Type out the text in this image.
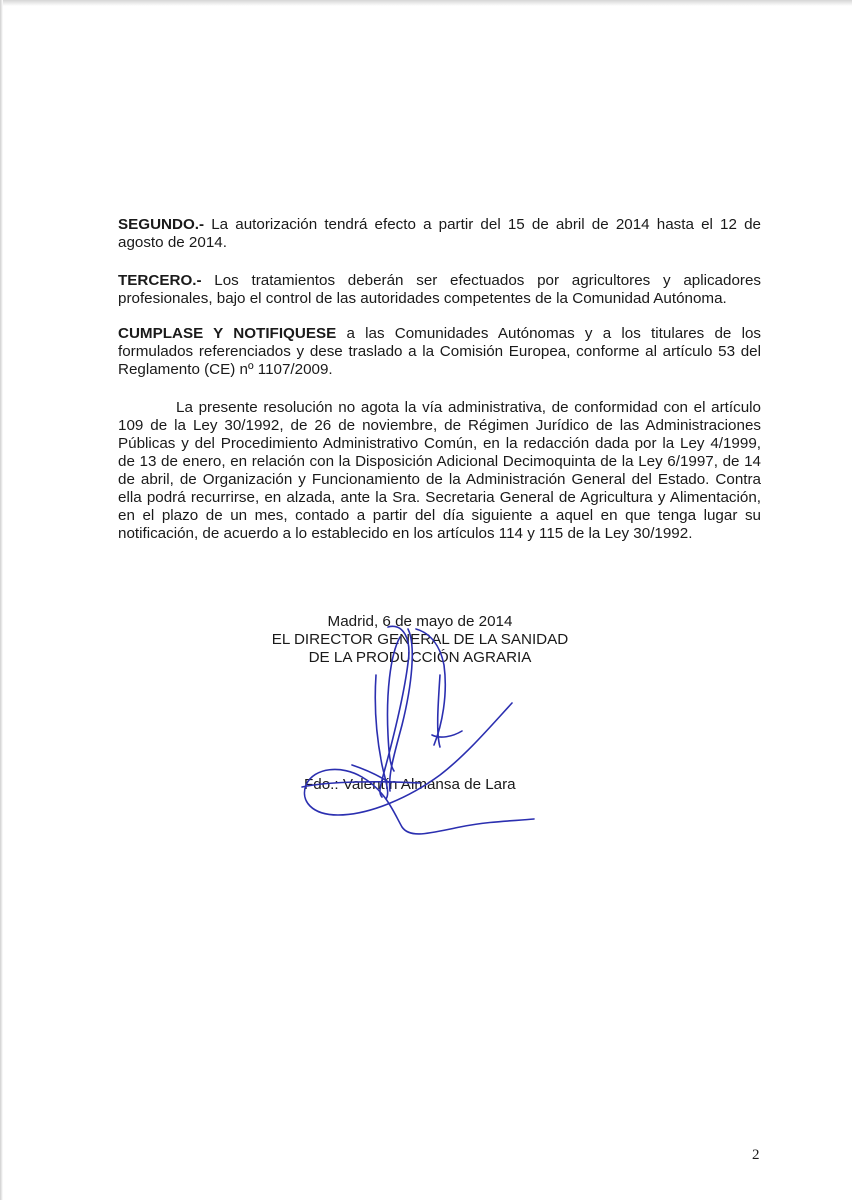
SEGUNDO.- La autorización tendrá efecto a partir del 15 de abril de 2014 hasta el 12 de agosto de 2014.

TERCERO.- Los tratamientos deberán ser efectuados por agricultores y aplicadores profesionales, bajo el control de las autoridades competentes de la Comunidad Autónoma.

CUMPLASE Y NOTIFIQUESE a las Comunidades Autónomas y a los titulares de los formulados referenciados y dese traslado a la Comisión Europea, conforme al artículo 53 del Reglamento (CE) nº 1107/2009.

La presente resolución no agota la vía administrativa, de conformidad con el artículo 109 de la Ley 30/1992, de 26 de noviembre, de Régimen Jurídico de las Administraciones Públicas y del Procedimiento Administrativo Común, en la redacción dada por la Ley 4/1999, de 13 de enero, en relación con la Disposición Adicional Decimoquinta de la Ley 6/1997, de 14 de abril, de Organización y Funcionamiento de la Administración General del Estado. Contra ella podrá recurrirse, en alzada, ante la Sra. Secretaria General de Agricultura y Alimentación, en el plazo de un mes, contado a partir del día siguiente a aquel en que tenga lugar su notificación, de acuerdo a lo establecido en los artículos 114 y 115 de la Ley 30/1992.

Madrid, 6 de mayo de 2014
EL DIRECTOR GENERAL DE LA SANIDAD
DE LA PRODUCCIÓN AGRARIA
Fdo.: Valentín Almansa de Lara
2
